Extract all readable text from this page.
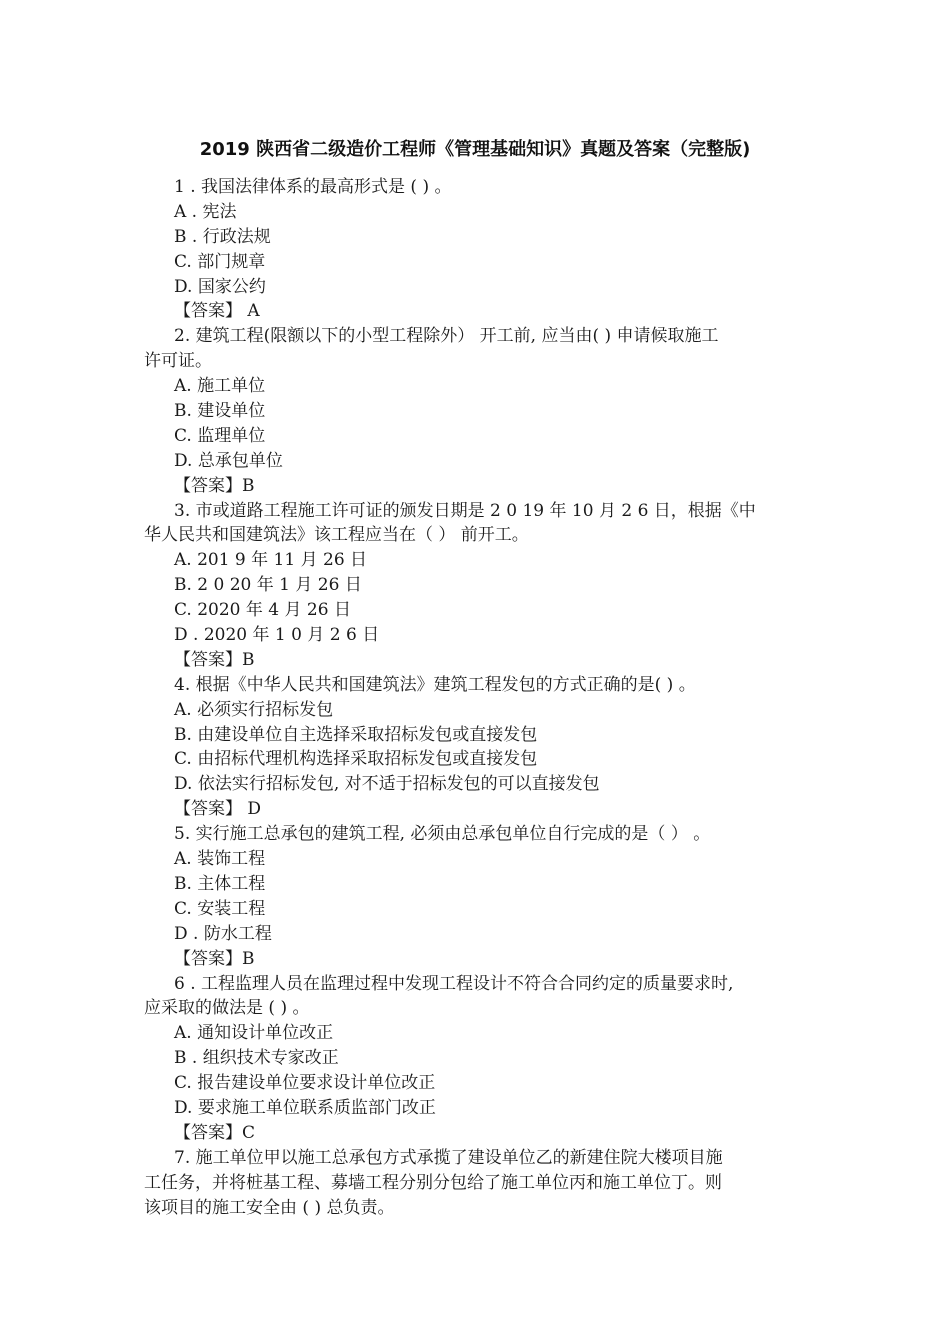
2019 陕西省二级造价工程师《管理基础知识》真题及答案（完整版)
1 . 我国法律体系的最高形式是 ( ) 。
A . 宪法
B . 行政法规
C. 部门规章
D. 国家公约
【答案】 A
2. 建筑工程(限额以下的小型工程除外） 开工前, 应当由( ) 申请候取施工
许可证。
A. 施工单位
B. 建设单位
C. 监理单位
D. 总承包单位
【答案】B
3. 市或道路工程施工许可证的颁发日期是 2 0 19 年 10 月 2 6 日，根据《中
华人民共和国建筑法》该工程应当在（ ） 前开工。
A. 201 9 年 11 月 26 日
B. 2 0 20 年 1 月 26 日
C. 2020 年 4 月 26 日
D . 2020 年 1 0 月 2 6 日
【答案】B
4. 根据《中华人民共和国建筑法》建筑工程发包的方式正确的是( ) 。
A. 必须实行招标发包
B. 由建设单位自主选择采取招标发包或直接发包
C. 由招标代理机构选择采取招标发包或直接发包
D. 依法实行招标发包, 对不适于招标发包的可以直接发包
【答案】 D
5. 实行施工总承包的建筑工程, 必须由总承包单位自行完成的是（ ） 。
A. 装饰工程
B. 主体工程
C. 安装工程
D . 防水工程
【答案】B
6 . 工程监理人员在监理过程中发现工程设计不符合合同约定的质量要求时,
应采取的做法是 ( ) 。
A. 通知设计单位改正
B . 组织技术专家改正
C. 报告建设单位要求设计单位改正
D. 要求施工单位联系质监部门改正
【答案】C
7. 施工单位甲以施工总承包方式承揽了建设单位乙的新建住院大楼项目施
工任务，并将桩基工程、募墙工程分别分包给了施工单位丙和施工单位丁。则
该项目的施工安全由 ( ) 总负责。
